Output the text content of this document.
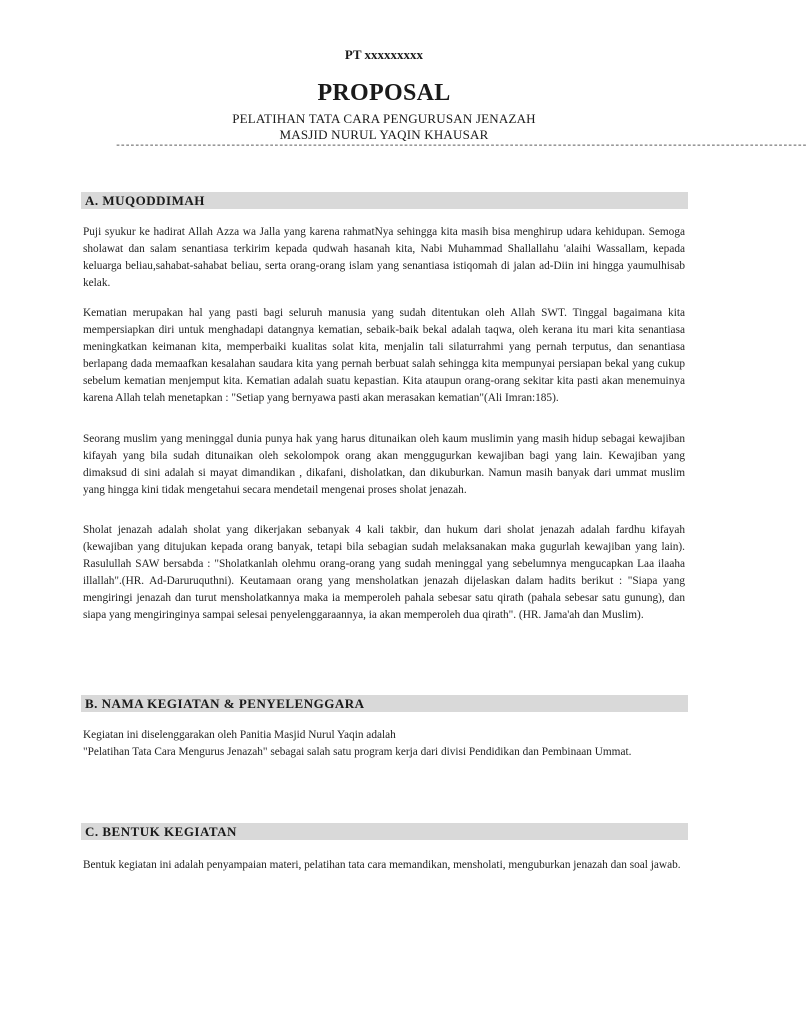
PT xxxxxxxxx
PROPOSAL
PELATIHAN TATA CARA PENGURUSAN JENAZAH
MASJID NURUL YAQIN KHAUSAR
------------------------------------------------------------------------------------------------------------------------------------------------
A. MUQODDIMAH

Puji syukur ke hadirat Allah Azza wa Jalla yang karena rahmatNya sehingga kita masih bisa menghirup udara kehidupan. Semoga sholawat dan salam senantiasa terkirim kepada qudwah hasanah kita, Nabi Muhammad Shallallahu 'alaihi Wassallam, kepada keluarga beliau,sahabat-sahabat beliau, serta orang-orang islam yang senantiasa istiqomah di jalan ad-Diin ini hingga yaumulhisab kelak.

Kematian merupakan hal yang pasti bagi seluruh manusia yang sudah ditentukan oleh Allah SWT. Tinggal bagaimana kita mempersiapkan diri untuk menghadapi datangnya kematian, sebaik-baik bekal adalah taqwa, oleh kerana itu mari kita senantiasa meningkatkan keimanan kita, memperbaiki kualitas solat kita, menjalin tali silaturrahmi yang pernah terputus, dan senantiasa berlapang dada memaafkan kesalahan saudara kita yang pernah berbuat salah sehingga kita mempunyai persiapan bekal yang cukup sebelum kematian menjemput kita. Kematian adalah suatu kepastian. Kita ataupun orang-orang sekitar kita pasti akan menemuinya karena Allah telah menetapkan : "Setiap yang bernyawa pasti akan merasakan kematian"(Ali Imran:185).

Seorang muslim yang meninggal dunia punya hak yang harus ditunaikan oleh kaum muslimin yang masih hidup sebagai kewajiban kifayah yang bila sudah ditunaikan oleh sekolompok orang akan menggugurkan kewajiban bagi yang lain. Kewajiban yang dimaksud di sini adalah si mayat dimandikan , dikafani, disholatkan, dan dikuburkan. Namun masih banyak dari ummat muslim yang hingga kini tidak mengetahui secara mendetail mengenai proses sholat jenazah.

Sholat jenazah adalah sholat yang dikerjakan sebanyak 4 kali takbir, dan hukum dari sholat jenazah adalah fardhu kifayah (kewajiban yang ditujukan kepada orang banyak, tetapi bila sebagian sudah melaksanakan maka gugurlah kewajiban yang lain). Rasulullah SAW bersabda : "Sholatkanlah olehmu orang-orang yang sudah meninggal yang sebelumnya mengucapkan Laa ilaaha illallah".(HR. Ad-Daruruquthni). Keutamaan orang yang mensholatkan jenazah dijelaskan dalam hadits berikut : "Siapa yang mengiringi jenazah dan turut mensholatkannya maka ia memperoleh pahala sebesar satu qirath (pahala sebesar satu gunung), dan siapa yang mengiringinya sampai selesai penyelenggaraannya, ia akan memperoleh dua qirath". (HR. Jama'ah dan Muslim).

B. NAMA KEGIATAN & PENYELENGGARA

Kegiatan ini diselenggarakan oleh Panitia Masjid Nurul Yaqin adalah
"Pelatihan Tata Cara Mengurus Jenazah" sebagai salah satu program kerja dari divisi Pendidikan dan Pembinaan Ummat.

C. BENTUK KEGIATAN

Bentuk kegiatan ini adalah penyampaian materi, pelatihan tata cara memandikan, mensholati, menguburkan jenazah dan soal jawab.
